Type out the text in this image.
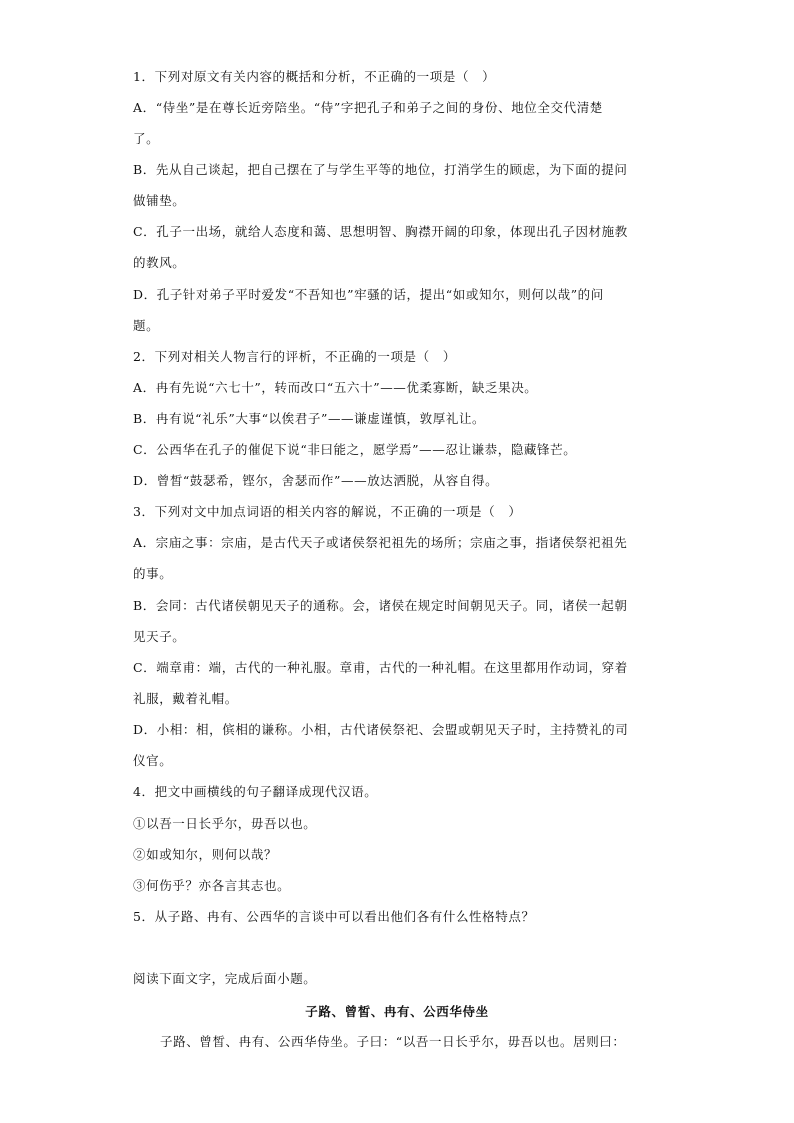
1．下列对原文有关内容的概括和分析，不正确的一项是（　）
A．“侍坐”是在尊长近旁陪坐。“侍”字把孔子和弟子之间的身份、地位全交代清楚
了。
B．先从自己谈起，把自己摆在了与学生平等的地位，打消学生的顾虑，为下面的提问
做铺垫。
C．孔子一出场，就给人态度和蔼、思想明智、胸襟开阔的印象，体现出孔子因材施教
的教风。
D．孔子针对弟子平时爱发“不吾知也”牢骚的话，提出“如或知尔，则何以哉”的问
题。
2．下列对相关人物言行的评析，不正确的一项是（　）
A．冉有先说“六七十”，转而改口“五六十”——优柔寡断，缺乏果决。
B．冉有说“礼乐”大事“以俟君子”——谦虚谨慎，敦厚礼让。
C．公西华在孔子的催促下说“非曰能之，愿学焉”——忍让谦恭，隐藏锋芒。
D．曾皙“鼓瑟希，铿尔，舍瑟而作”——放达洒脱，从容自得。
3．下列对文中加点词语的相关内容的解说，不正确的一项是（　）
A．宗庙之事：宗庙，是古代天子或诸侯祭祀祖先的场所；宗庙之事，指诸侯祭祀祖先
的事。
B．会同：古代诸侯朝见天子的通称。会，诸侯在规定时间朝见天子。同，诸侯一起朝
见天子。
C．端章甫：端，古代的一种礼服。章甫，古代的一种礼帽。在这里都用作动词，穿着
礼服，戴着礼帽。
D．小相：相，傧相的谦称。小相，古代诸侯祭祀、会盟或朝见天子时，主持赞礼的司
仪官。
4．把文中画横线的句子翻译成现代汉语。
①以吾一日长乎尔，毋吾以也。
②如或知尔，则何以哉？
③何伤乎？亦各言其志也。
5．从子路、冉有、公西华的言谈中可以看出他们各有什么性格特点？
阅读下面文字，完成后面小题。
子路、曾皙、冉有、公西华侍坐
子路、曾皙、冉有、公西华侍坐。子曰：“以吾一日长乎尔，毋吾以也。居则曰：
